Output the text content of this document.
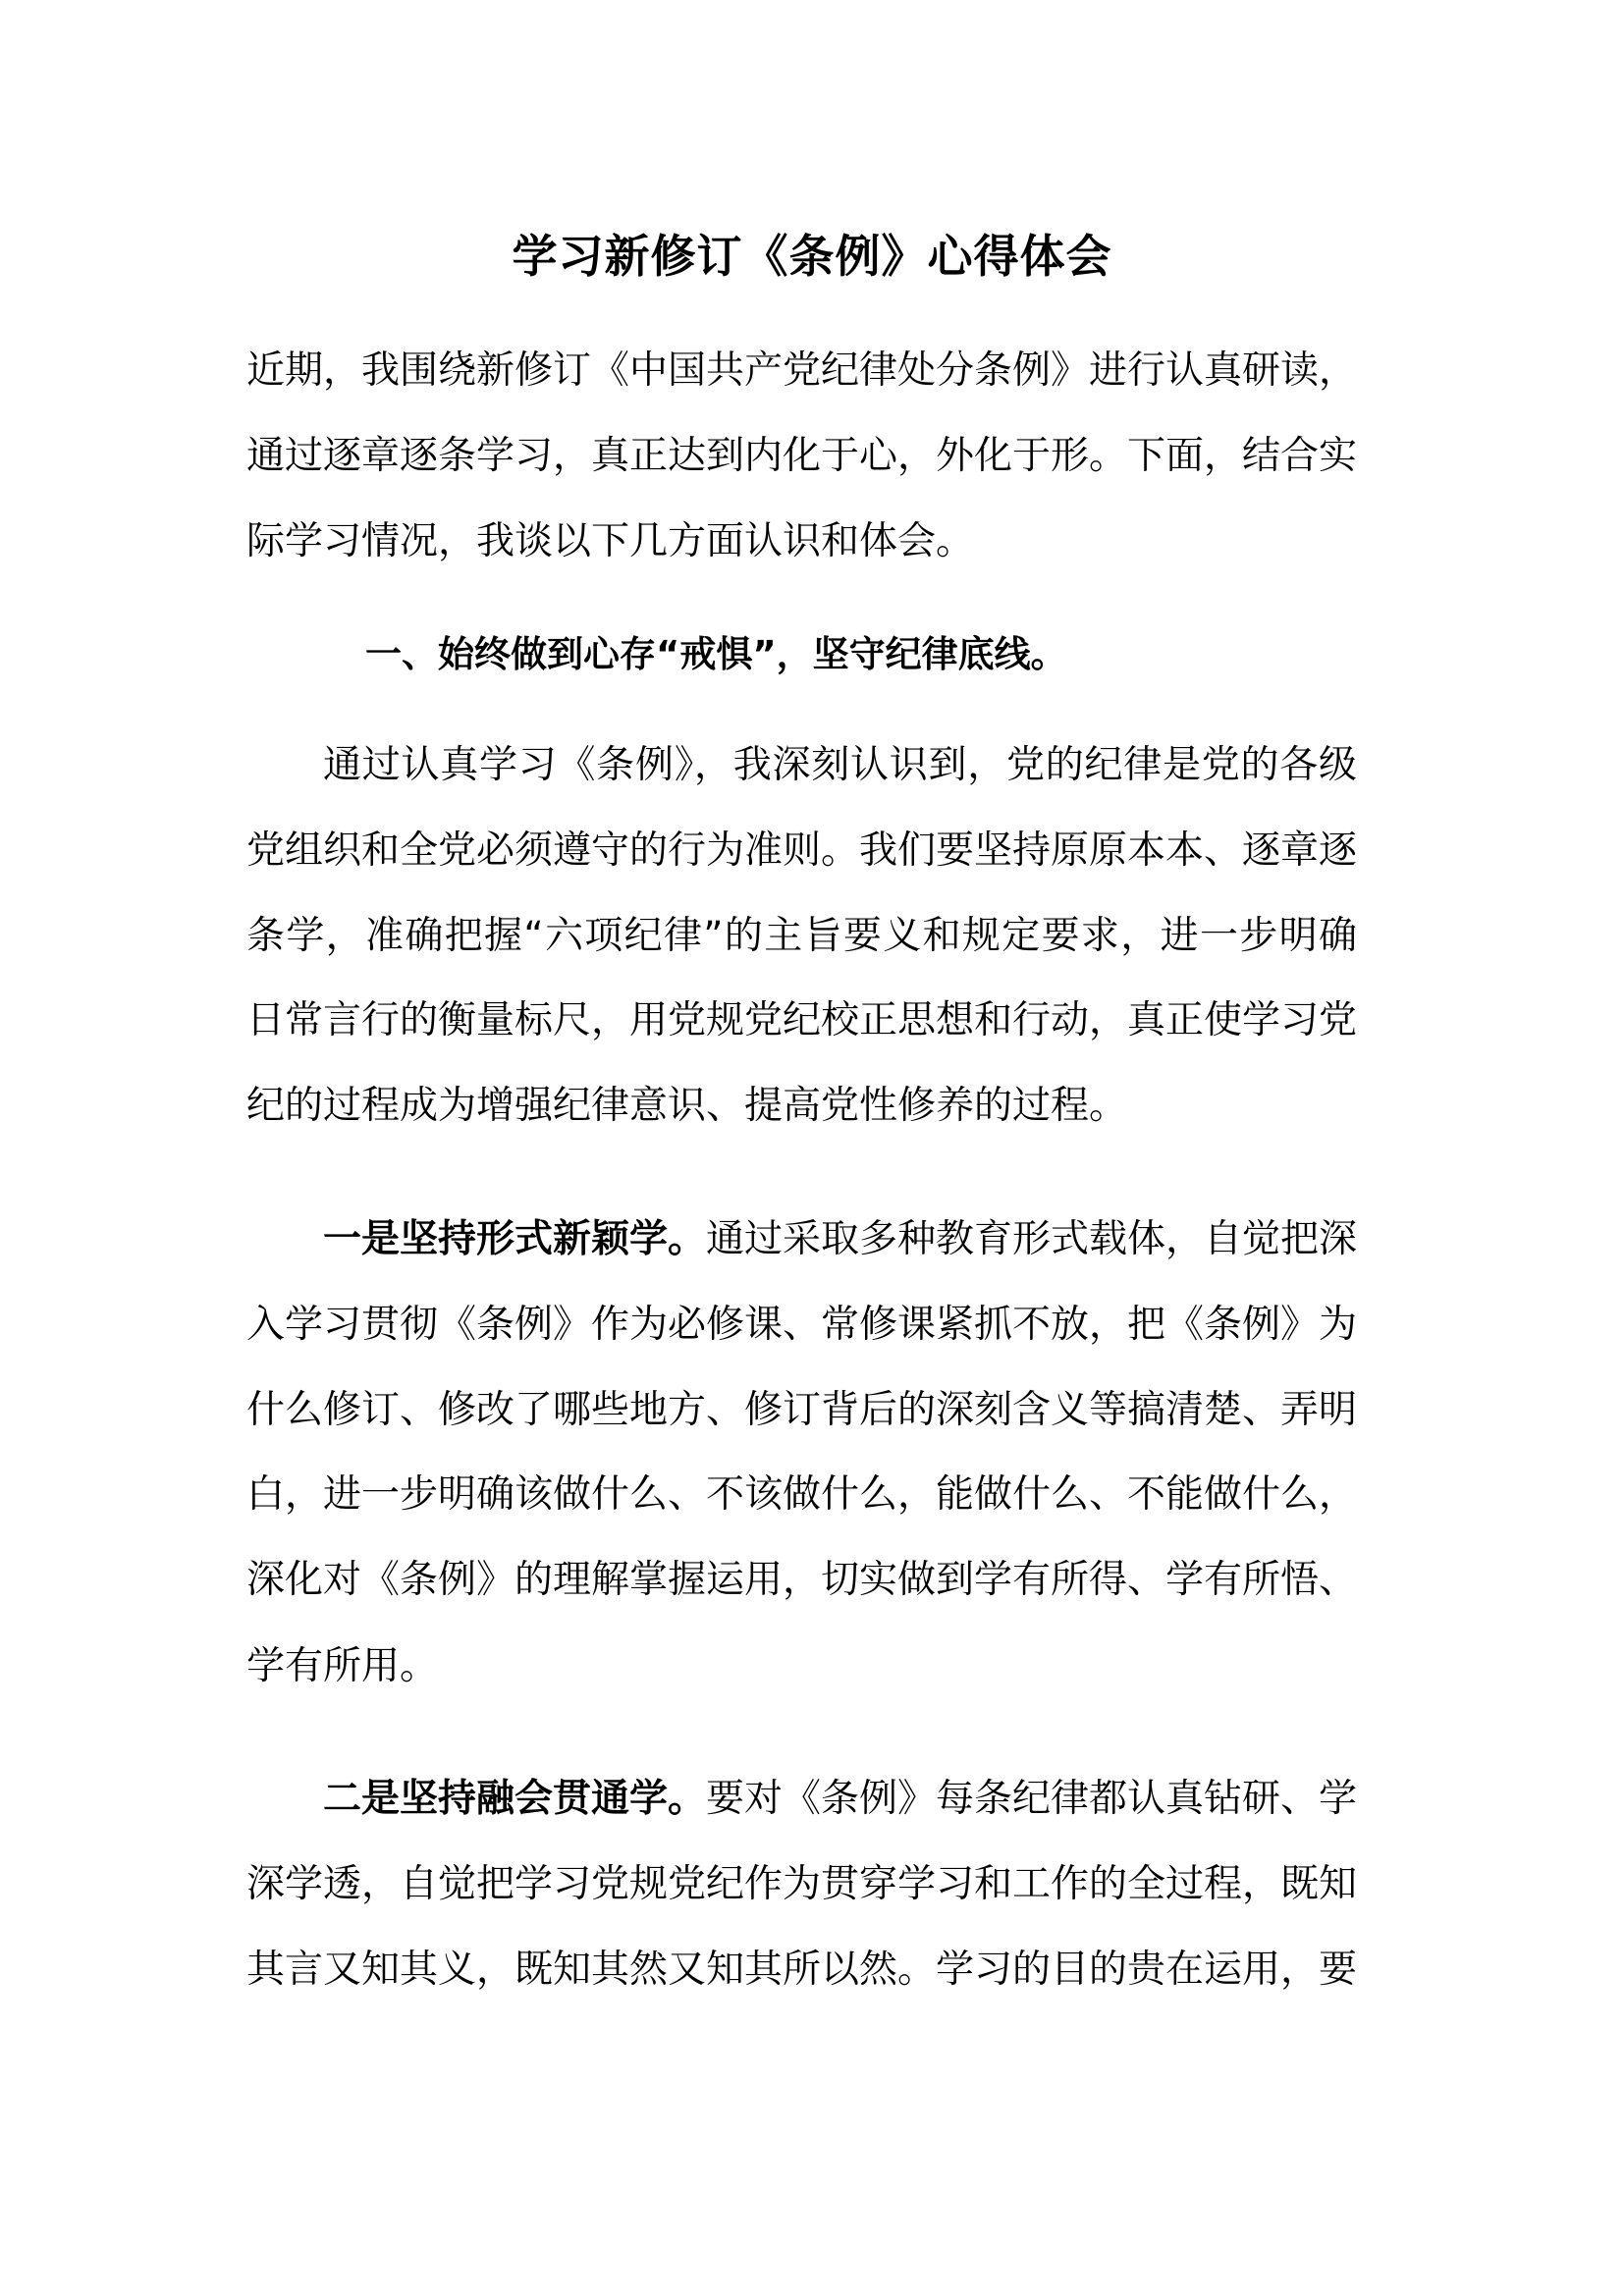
学习新修订《条例》心得体会
近期，我围绕新修订《中国共产党纪律处分条例》进行认真研读，
通过逐章逐条学习，真正达到内化于心，外化于形。下面，结合实
际学习情况，我谈以下几方面认识和体会。
一、始终做到心存“戒惧”，坚守纪律底线。
通过认真学习《条例》，我深刻认识到，党的纪律是党的各级
党组织和全党必须遵守的行为准则。我们要坚持原原本本、逐章逐
条学，准确把握“六项纪律”的主旨要义和规定要求，进一步明确
日常言行的衡量标尺，用党规党纪校正思想和行动，真正使学习党
纪的过程成为增强纪律意识、提高党性修养的过程。
一是坚持形式新颖学。通过采取多种教育形式载体，自觉把深
入学习贯彻《条例》作为必修课、常修课紧抓不放，把《条例》为
什么修订、修改了哪些地方、修订背后的深刻含义等搞清楚、弄明
白，进一步明确该做什么、不该做什么，能做什么、不能做什么，
深化对《条例》的理解掌握运用，切实做到学有所得、学有所悟、
学有所用。
二是坚持融会贯通学。要对《条例》每条纪律都认真钻研、学
深学透，自觉把学习党规党纪作为贯穿学习和工作的全过程，既知
其言又知其义，既知其然又知其所以然。学习的目的贵在运用，要
